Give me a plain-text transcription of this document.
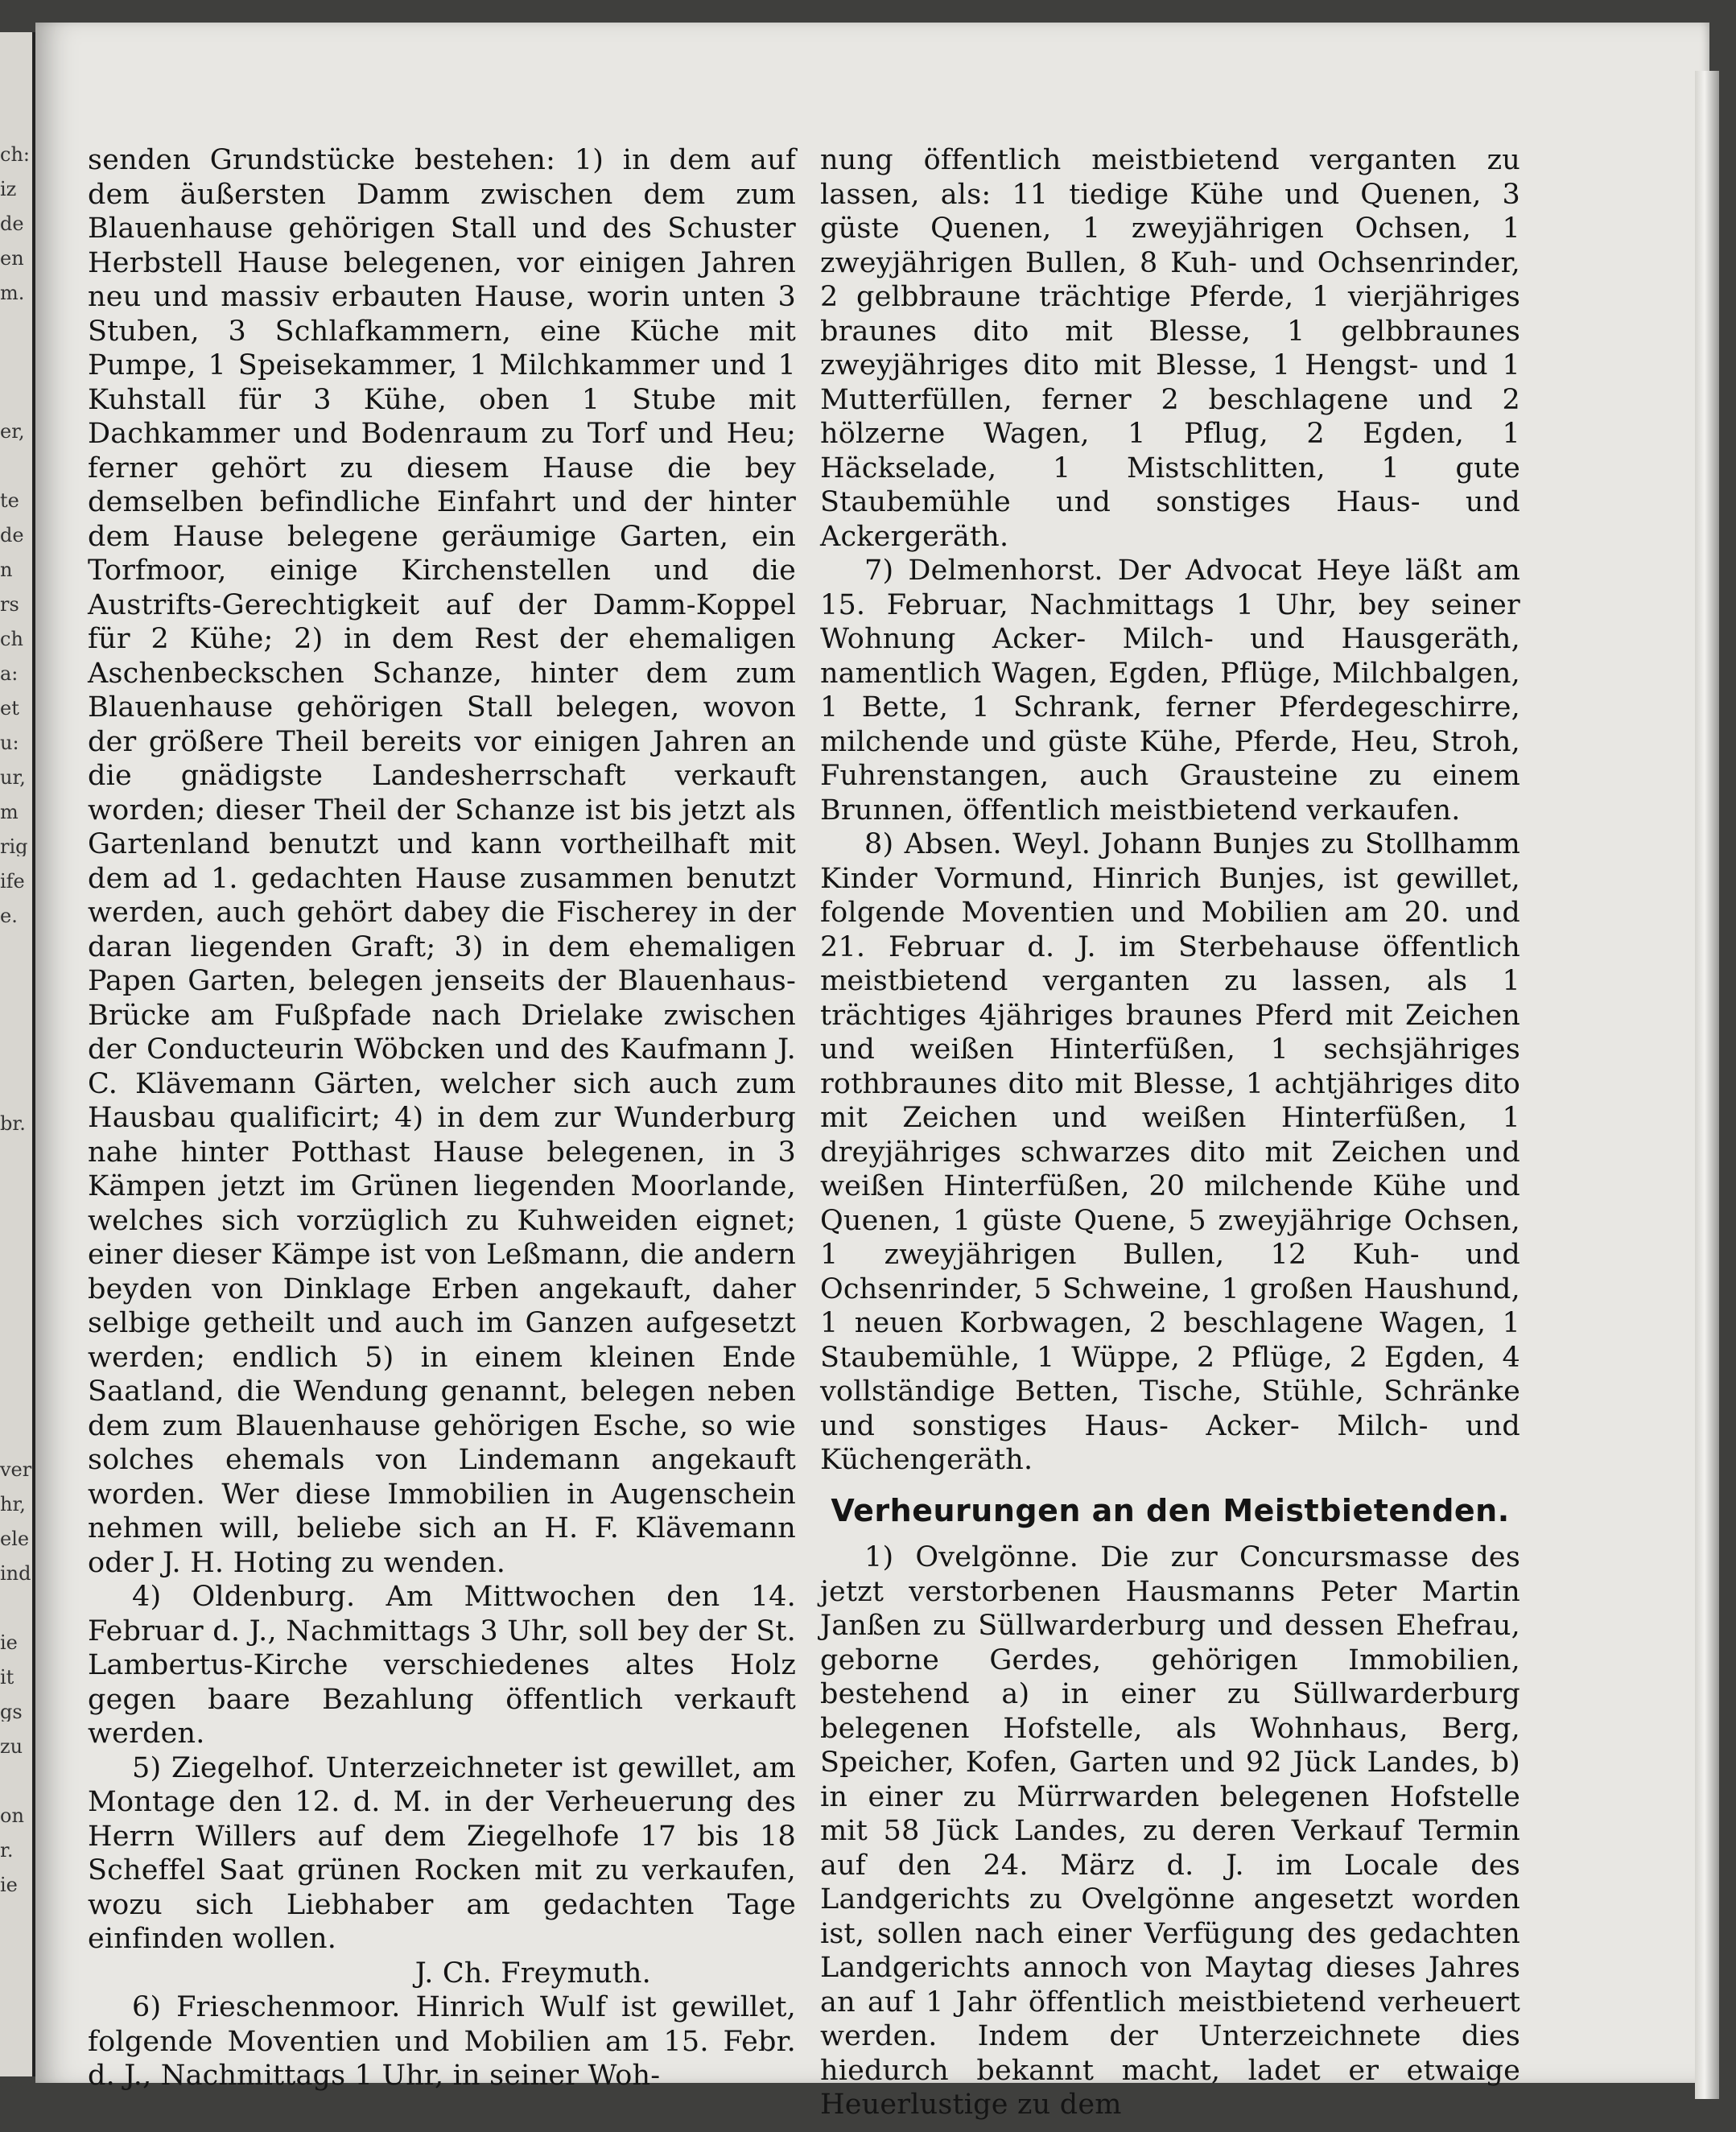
ch:
iz
de
en
m.
er,
te
de
n
rs
ch
a:
et
u:
ur,
m
rig
ife
e.
br.
ver
hr,
ele
ind
ie
it
gs
zu
on
r.
ie

senden Grundstücke bestehen: 1) in dem auf dem äußersten Damm zwischen dem zum Blauenhause gehörigen Stall und des Schuster Herbstell Hause belegenen, vor einigen Jahren neu und massiv erbauten Hause, worin unten 3 Stuben, 3 Schlafkammern, eine Küche mit Pumpe, 1 Speisekammer, 1 Milchkammer und 1 Kuhstall für 3 Kühe, oben 1 Stube mit Dachkammer und Bodenraum zu Torf und Heu; ferner gehört zu diesem Hause die bey demselben befindliche Einfahrt und der hinter dem Hause belegene geräumige Garten, ein Torfmoor, einige Kirchenstellen und die Austrifts-Gerechtigkeit auf der Damm-Koppel für 2 Kühe; 2) in dem Rest der ehemaligen Aschenbeckschen Schanze, hinter dem zum Blauenhause gehörigen Stall belegen, wovon der größere Theil bereits vor einigen Jahren an die gnädigste Landesherrschaft verkauft worden; dieser Theil der Schanze ist bis jetzt als Gartenland benutzt und kann vortheilhaft mit dem ad 1. gedachten Hause zusammen benutzt werden, auch gehört dabey die Fischerey in der daran liegenden Graft; 3) in dem ehemaligen Papen Garten, belegen jenseits der Blauenhaus-Brücke am Fußpfade nach Drielake zwischen der Conducteurin Wöbcken und des Kaufmann J. C. Klävemann Gärten, welcher sich auch zum Hausbau qualificirt; 4) in dem zur Wunderburg nahe hinter Potthast Hause belegenen, in 3 Kämpen jetzt im Grünen liegenden Moorlande, welches sich vorzüglich zu Kuhweiden eignet; einer dieser Kämpe ist von Leßmann, die andern beyden von Dinklage Erben angekauft, daher selbige getheilt und auch im Ganzen aufgesetzt werden; endlich 5) in einem kleinen Ende Saatland, die Wendung genannt, belegen neben dem zum Blauenhause gehörigen Esche, so wie solches ehemals von Lindemann angekauft worden. Wer diese Immobilien in Augenschein nehmen will, beliebe sich an H. F. Klävemann oder J. H. Hoting zu wenden.

4) Oldenburg. Am Mittwochen den 14. Februar d. J., Nachmittags 3 Uhr, soll bey der St. Lambertus-Kirche verschiedenes altes Holz gegen baare Bezahlung öffentlich verkauft werden.

5) Ziegelhof. Unterzeichneter ist gewillet, am Montage den 12. d. M. in der Verheuerung des Herrn Willers auf dem Ziegelhofe 17 bis 18 Scheffel Saat grünen Rocken mit zu verkaufen, wozu sich Liebhaber am gedachten Tage einfinden wollen.

J. Ch. Freymuth.

6) Frieschenmoor. Hinrich Wulf ist gewillet, folgende Moventien und Mobilien am 15. Febr. d. J., Nachmittags 1 Uhr, in seiner Woh-

nung öffentlich meistbietend verganten zu lassen, als: 11 tiedige Kühe und Quenen, 3 güste Quenen, 1 zweyjährigen Ochsen, 1 zweyjährigen Bullen, 8 Kuh- und Ochsenrinder, 2 gelbbraune trächtige Pferde, 1 vierjähriges braunes dito mit Blesse, 1 gelbbraunes zweyjähriges dito mit Blesse, 1 Hengst- und 1 Mutterfüllen, ferner 2 beschlagene und 2 hölzerne Wagen, 1 Pflug, 2 Egden, 1 Häckselade, 1 Mistschlitten, 1 gute Staubemühle und sonstiges Haus- und Ackergeräth.

7) Delmenhorst. Der Advocat Heye läßt am 15. Februar, Nachmittags 1 Uhr, bey seiner Wohnung Acker- Milch- und Hausgeräth, namentlich Wagen, Egden, Pflüge, Milchbalgen, 1 Bette, 1 Schrank, ferner Pferdegeschirre, milchende und güste Kühe, Pferde, Heu, Stroh, Fuhrenstangen, auch Grausteine zu einem Brunnen, öffentlich meistbietend verkaufen.

8) Absen. Weyl. Johann Bunjes zu Stollhamm Kinder Vormund, Hinrich Bunjes, ist gewillet, folgende Moventien und Mobilien am 20. und 21. Februar d. J. im Sterbehause öffentlich meistbietend verganten zu lassen, als 1 trächtiges 4jähriges braunes Pferd mit Zeichen und weißen Hinterfüßen, 1 sechsjähriges rothbraunes dito mit Blesse, 1 achtjähriges dito mit Zeichen und weißen Hinterfüßen, 1 dreyjähriges schwarzes dito mit Zeichen und weißen Hinterfüßen, 20 milchende Kühe und Quenen, 1 güste Quene, 5 zweyjährige Ochsen, 1 zweyjährigen Bullen, 12 Kuh- und Ochsenrinder, 5 Schweine, 1 großen Haushund, 1 neuen Korbwagen, 2 beschlagene Wagen, 1 Staubemühle, 1 Wüppe, 2 Pflüge, 2 Egden, 4 vollständige Betten, Tische, Stühle, Schränke und sonstiges Haus- Acker- Milch- und Küchengeräth.

Verheurungen an den Meistbietenden.

1) Ovelgönne. Die zur Concursmasse des jetzt verstorbenen Hausmanns Peter Martin Janßen zu Süllwarderburg und dessen Ehefrau, geborne Gerdes, gehörigen Immobilien, bestehend a) in einer zu Süllwarderburg belegenen Hofstelle, als Wohnhaus, Berg, Speicher, Kofen, Garten und 92 Jück Landes, b) in einer zu Mürrwarden belegenen Hofstelle mit 58 Jück Landes, zu deren Verkauf Termin auf den 24. März d. J. im Locale des Landgerichts zu Ovelgönne angesetzt worden ist, sollen nach einer Verfügung des gedachten Landgerichts annoch von Maytag dieses Jahres an auf 1 Jahr öffentlich meistbietend verheuert werden. Indem der Unterzeichnete dies hiedurch bekannt macht, ladet er etwaige Heuerlustige zu dem
